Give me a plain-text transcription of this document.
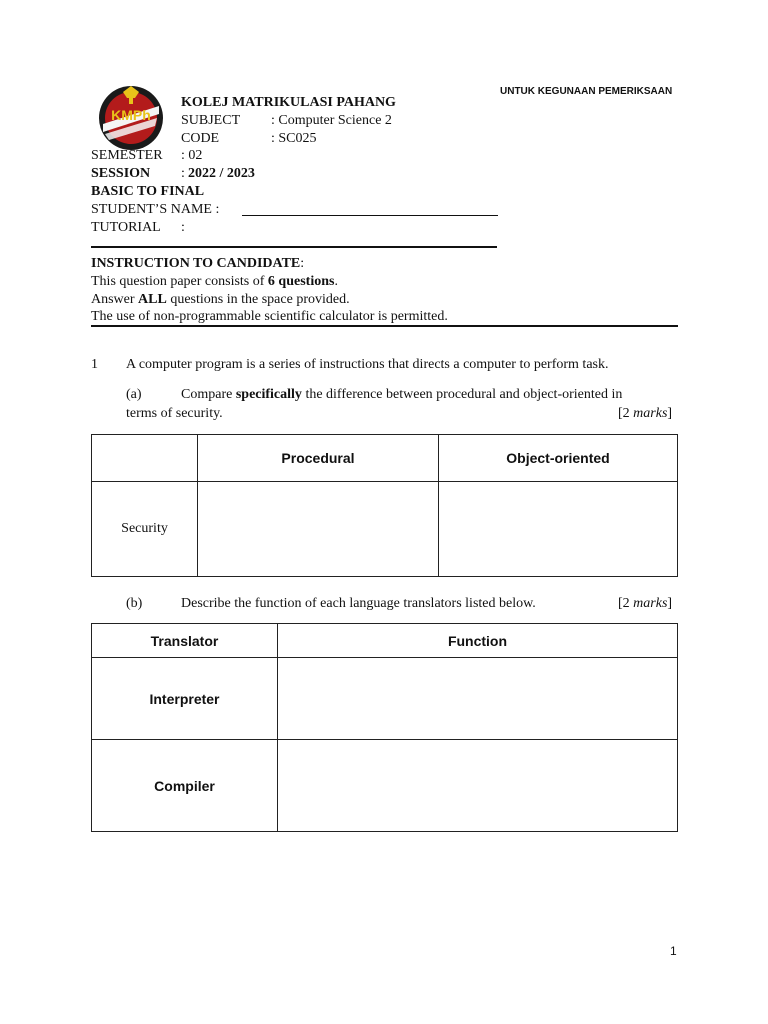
KMPh
UNTUK KEGUNAAN PEMERIKSAAN
KOLEJ MATRIKULASI PAHANG
SUBJECT : Computer Science 2
CODE	: SC025
SEMESTER : 02
SESSION : 2022 / 2023
BASIC TO FINAL
STUDENT’S NAME :
TUTORIAL :
INSTRUCTION TO CANDIDATE:
This question paper consists of 6 questions.
Answer ALL questions in the space provided.
The use of non-programmable scientific calculator is permitted.
1 A computer program is a series of instructions that directs a computer to perform task.
(a)	Compare specifically the difference between procedural and object-oriented in
terms of security.	[2 marks]
	Procedural	Object-oriented
Security		
(b)	Describe the function of each language translators listed below.	[2 marks]
Translator	Function
Interpreter	
Compiler	
1
